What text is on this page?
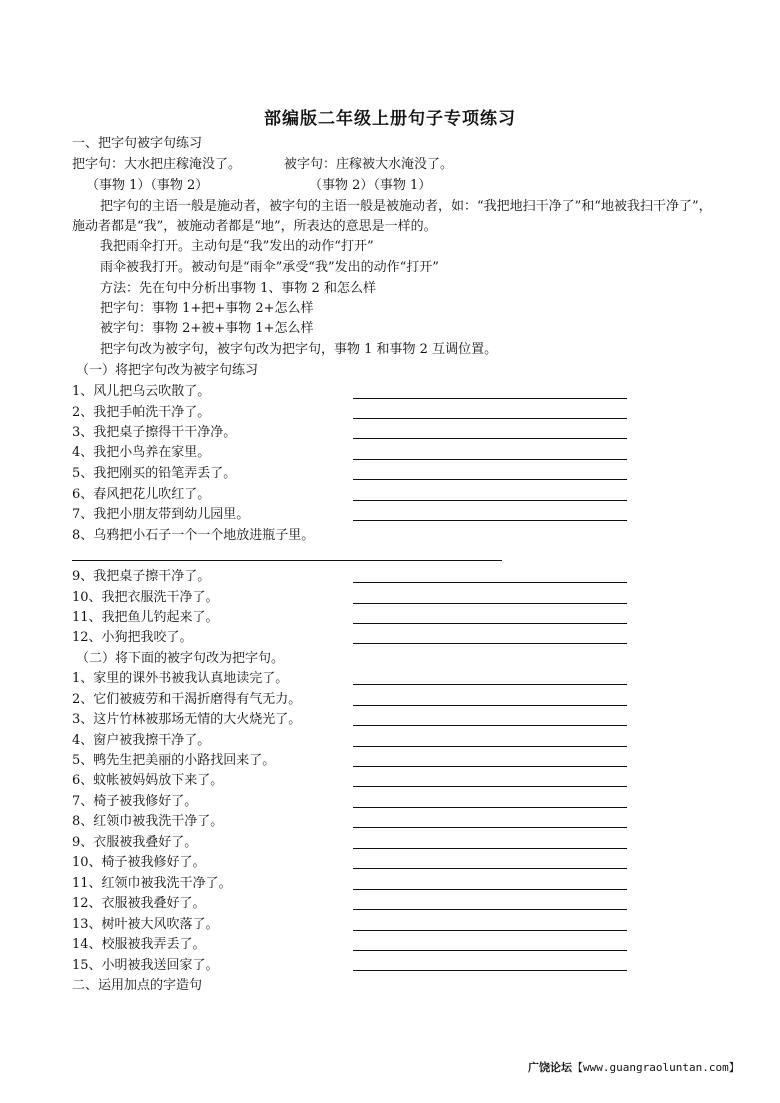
部编版二年级上册句子专项练习
一、把字句被字句练习
把字句：大水把庄稼淹没了。	被字句：庄稼被大水淹没了。
（事物 1）（事物 2）	（事物 2）（事物 1）
把字句的主语一般是施动者，被字句的主语一般是被施动者，如：“我把地扫干净了”和“地被我扫干净了”，施动者都是“我”，被施动者都是“地”，所表达的意思是一样的。
我把雨伞打开。主动句是“我”发出的动作“打开”
雨伞被我打开。被动句是“雨伞”承受“我”发出的动作“打开”
方法：先在句中分析出事物 1、事物 2 和怎么样
把字句：事物 1+把+事物 2+怎么样
被字句：事物 2+被+事物 1+怎么样
把字句改为被字句，被字句改为把字句，事物 1 和事物 2 互调位置。
（一）将把字句改为被字句练习
1、风儿把乌云吹散了。
2、我把手帕洗干净了。
3、我把桌子擦得干干净净。
4、我把小鸟养在家里。
5、我把刚买的铅笔弄丢了。
6、春风把花儿吹红了。
7、我把小朋友带到幼儿园里。
8、乌鸦把小石子一个一个地放进瓶子里。
9、我把桌子擦干净了。
10、我把衣服洗干净了。
11、我把鱼儿钓起来了。
12、小狗把我咬了。
（二）将下面的被字句改为把字句。
1、家里的课外书被我认真地读完了。
2、它们被疲劳和干渴折磨得有气无力。
3、这片竹林被那场无情的大火烧光了。
4、窗户被我擦干净了。
5、鸭先生把美丽的小路找回来了。
6、蚊帐被妈妈放下来了。
7、椅子被我修好了。
8、红领巾被我洗干净了。
9、衣服被我叠好了。
10、椅子被我修好了。
11、红领巾被我洗干净了。
12、衣服被我叠好了。
13、树叶被大风吹落了。
14、校服被我弄丢了。
15、小明被我送回家了。
二、运用加点的字造句
广饶论坛【www.guangraoluntan.com】
